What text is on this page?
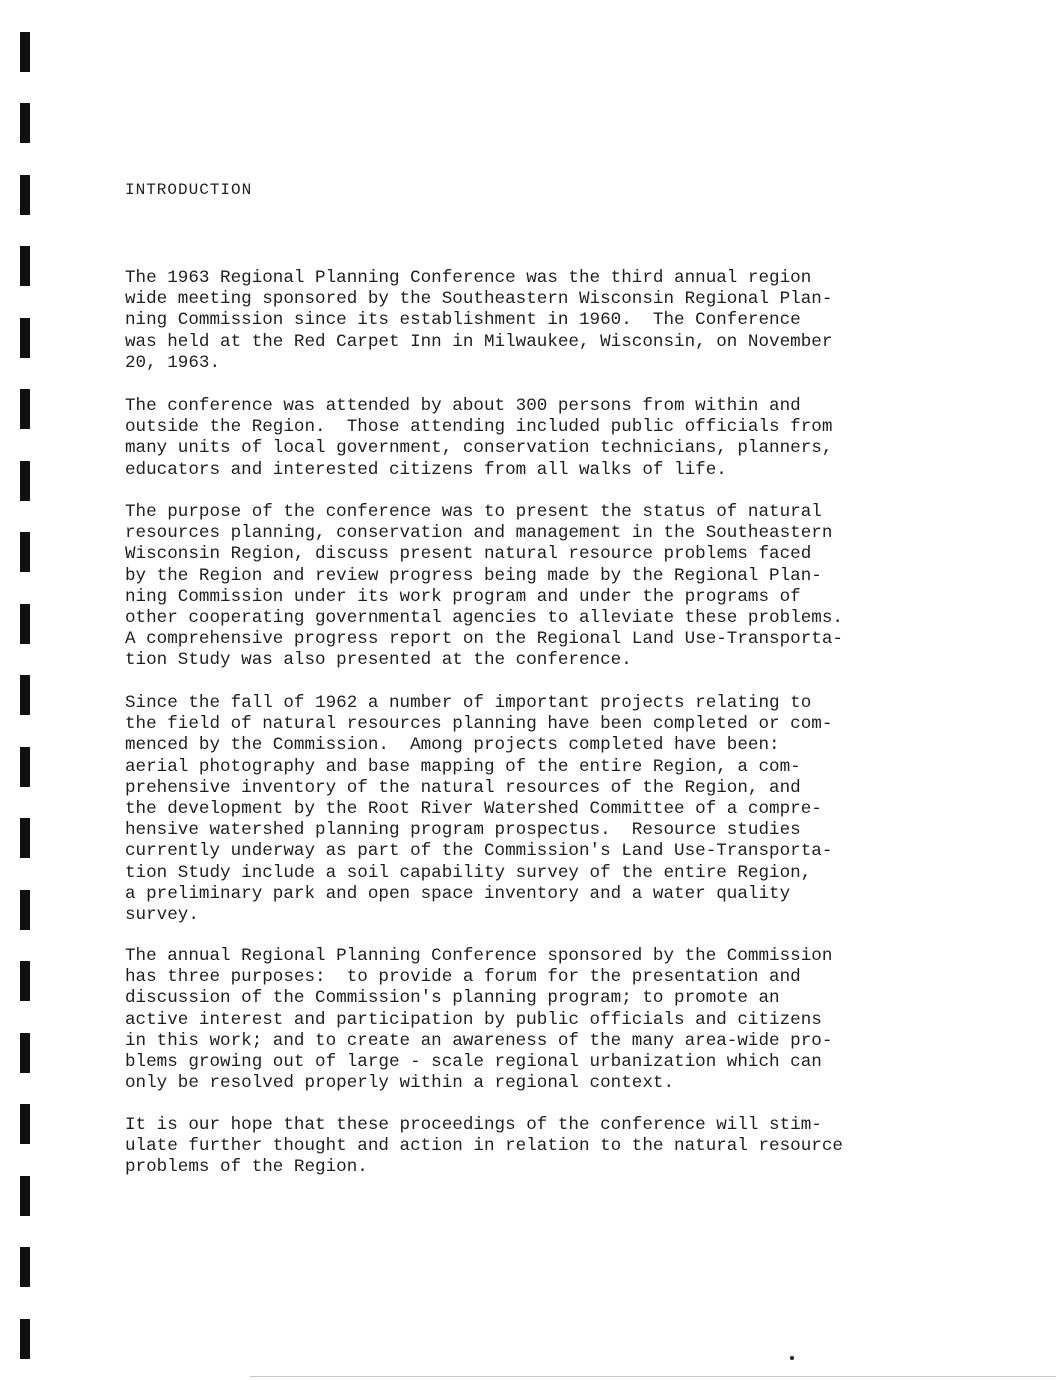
INTRODUCTION

The 1963 Regional Planning Conference was the third annual region
wide meeting sponsored by the Southeastern Wisconsin Regional Plan-
ning Commission since its establishment in 1960.  The Conference
was held at the Red Carpet Inn in Milwaukee, Wisconsin, on November
20, 1963.

The conference was attended by about 300 persons from within and
outside the Region.  Those attending included public officials from
many units of local government, conservation technicians, planners,
educators and interested citizens from all walks of life.

The purpose of the conference was to present the status of natural
resources planning, conservation and management in the Southeastern
Wisconsin Region, discuss present natural resource problems faced
by the Region and review progress being made by the Regional Plan-
ning Commission under its work program and under the programs of
other cooperating governmental agencies to alleviate these problems.
A comprehensive progress report on the Regional Land Use-Transporta-
tion Study was also presented at the conference.

Since the fall of 1962 a number of important projects relating to
the field of natural resources planning have been completed or com-
menced by the Commission.  Among projects completed have been:
aerial photography and base mapping of the entire Region, a com-
prehensive inventory of the natural resources of the Region, and
the development by the Root River Watershed Committee of a compre-
hensive watershed planning program prospectus.  Resource studies
currently underway as part of the Commission's Land Use-Transporta-
tion Study include a soil capability survey of the entire Region,
a preliminary park and open space inventory and a water quality
survey.

The annual Regional Planning Conference sponsored by the Commission
has three purposes:  to provide a forum for the presentation and
discussion of the Commission's planning program; to promote an
active interest and participation by public officials and citizens
in this work; and to create an awareness of the many area-wide pro-
blems growing out of large - scale regional urbanization which can
only be resolved properly within a regional context.

It is our hope that these proceedings of the conference will stim-
ulate further thought and action in relation to the natural resource
problems of the Region.
